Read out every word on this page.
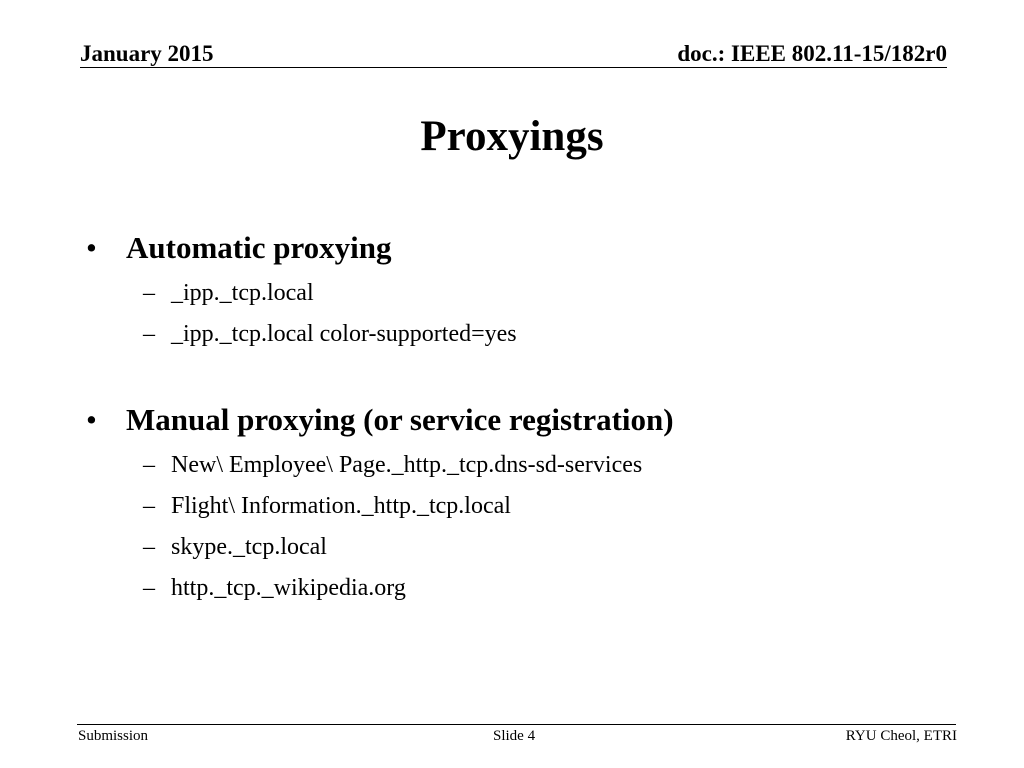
January 2015	doc.: IEEE 802.11-15/182r0
Proxyings
• Automatic proxying
– _ipp._tcp.local
– _ipp._tcp.local color-supported=yes
• Manual proxying (or service registration)
– New\ Employee\ Page._http._tcp.dns-sd-services
– Flight\ Information._http._tcp.local
– skype._tcp.local
– http._tcp._wikipedia.org
Submission	Slide 4	RYU Cheol, ETRI
